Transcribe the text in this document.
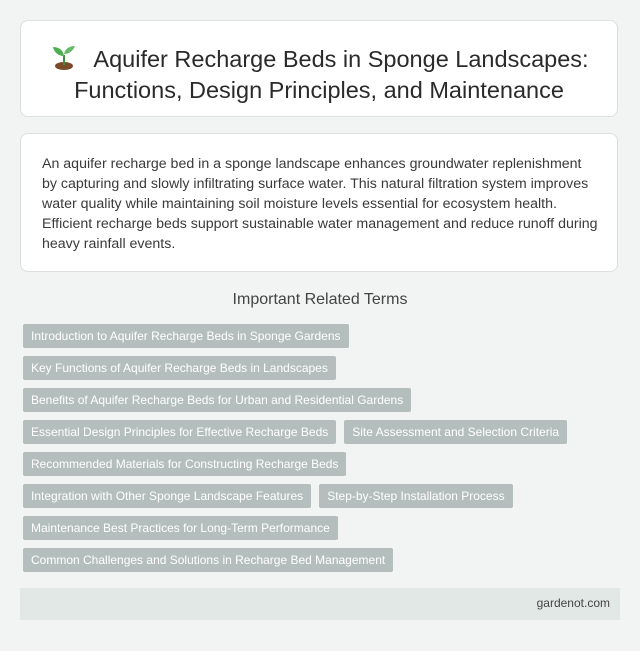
Aquifer Recharge Beds in Sponge Landscapes:
Functions, Design Principles, and Maintenance

An aquifer recharge bed in a sponge landscape enhances groundwater replenishment by capturing and slowly infiltrating surface water. This natural filtration system improves water quality while maintaining soil moisture levels essential for ecosystem health. Efficient recharge beds support sustainable water management and reduce runoff during heavy rainfall events.

Important Related Terms
Introduction to Aquifer Recharge Beds in Sponge Gardens
Key Functions of Aquifer Recharge Beds in Landscapes
Benefits of Aquifer Recharge Beds for Urban and Residential Gardens
Essential Design Principles for Effective Recharge Beds	Site Assessment and Selection Criteria
Recommended Materials for Constructing Recharge Beds
Integration with Other Sponge Landscape Features	Step-by-Step Installation Process
Maintenance Best Practices for Long-Term Performance
Common Challenges and Solutions in Recharge Bed Management
gardenot.com
